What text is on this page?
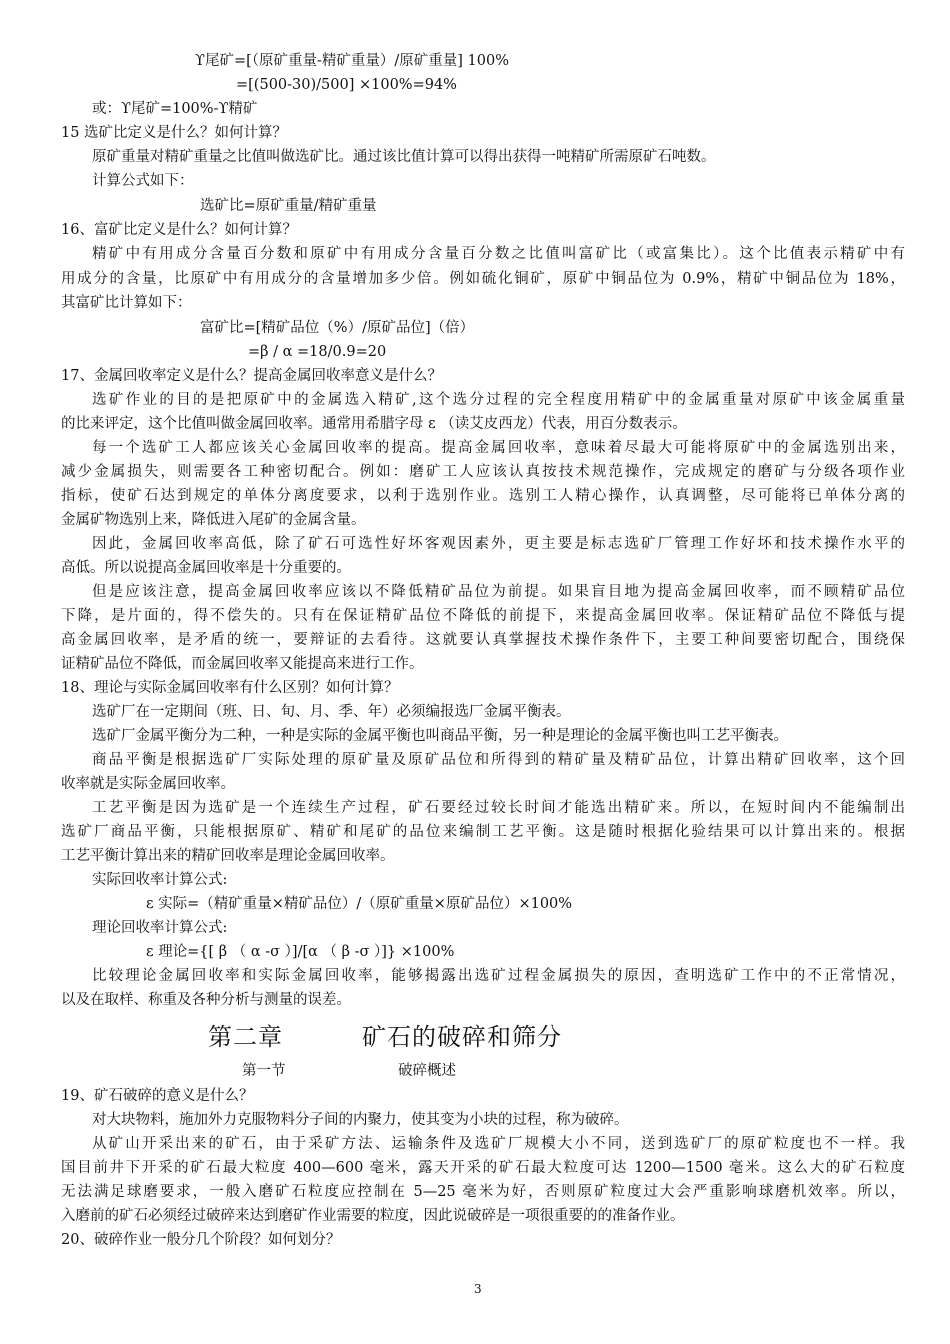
ϒ尾矿=[（原矿重量-精矿重量）/原矿重量] 100%
=[(500-30)/500] ×100%=94%
或：ϒ尾矿=100%-ϒ精矿
15 选矿比定义是什么？如何计算？
原矿重量对精矿重量之比值叫做选矿比。通过该比值计算可以得出获得一吨精矿所需原矿石吨数。
计算公式如下：
选矿比=原矿重量/精矿重量
16、富矿比定义是什么？如何计算？
精矿中有用成分含量百分数和原矿中有用成分含量百分数之比值叫富矿比（或富集比）。这个比值表示精矿中有
用成分的含量，比原矿中有用成分的含量增加多少倍。例如硫化铜矿，原矿中铜品位为 0.9%，精矿中铜品位为 18%，
其富矿比计算如下：
富矿比=[精矿品位（%）/原矿品位]（倍）
=β / α =18/0.9=20
17、金属回收率定义是什么？提高金属回收率意义是什么？
选矿作业的目的是把原矿中的金属选入精矿,这个选分过程的完全程度用精矿中的金属重量对原矿中该金属重量
的比来评定，这个比值叫做金属回收率。通常用希腊字母 ε （读艾皮西龙）代表，用百分数表示。
每一个选矿工人都应该关心金属回收率的提高。提高金属回收率，意味着尽最大可能将原矿中的金属选别出来，
减少金属损失，则需要各工种密切配合。例如：磨矿工人应该认真按技术规范操作，完成规定的磨矿与分级各项作业
指标，使矿石达到规定的单体分离度要求，以利于选别作业。选别工人精心操作，认真调整，尽可能将已单体分离的
金属矿物选别上来，降低进入尾矿的金属含量。
因此，金属回收率高低，除了矿石可选性好坏客观因素外，更主要是标志选矿厂管理工作好坏和技术操作水平的
高低。所以说提高金属回收率是十分重要的。
但是应该注意，提高金属回收率应该以不降低精矿品位为前提。如果盲目地为提高金属回收率，而不顾精矿品位
下降，是片面的，得不偿失的。只有在保证精矿品位不降低的前提下，来提高金属回收率。保证精矿品位不降低与提
高金属回收率，是矛盾的统一，要辩证的去看待。这就要认真掌握技术操作条件下，主要工种间要密切配合，围绕保
证精矿品位不降低，而金属回收率又能提高来进行工作。
18、理论与实际金属回收率有什么区别？如何计算？
选矿厂在一定期间（班、日、旬、月、季、年）必须编报选厂金属平衡表。
选矿厂金属平衡分为二种，一种是实际的金属平衡也叫商品平衡，另一种是理论的金属平衡也叫工艺平衡表。
商品平衡是根据选矿厂实际处理的原矿量及原矿品位和所得到的精矿量及精矿品位，计算出精矿回收率，这个回
收率就是实际金属回收率。
工艺平衡是因为选矿是一个连续生产过程，矿石要经过较长时间才能选出精矿来。所以，在短时间内不能编制出
选矿厂商品平衡，只能根据原矿、精矿和尾矿的品位来编制工艺平衡。这是随时根据化验结果可以计算出来的。根据
工艺平衡计算出来的精矿回收率是理论金属回收率。
实际回收率计算公式:
ε 实际=（精矿重量×精矿品位）/（原矿重量×原矿品位）×100%
理论回收率计算公式:
ε 理论={[ β （ α -σ ）]/[α （ β -σ ）]} ×100%
比较理论金属回收率和实际金属回收率，能够揭露出选矿过程金属损失的原因，查明选矿工作中的不正常情况，
以及在取样、称重及各种分析与测量的误差。
第二章	矿石的破碎和筛分
第一节	破碎概述
19、矿石破碎的意义是什么？
对大块物料，施加外力克服物料分子间的内聚力，使其变为小块的过程，称为破碎。
从矿山开采出来的矿石，由于采矿方法、运输条件及选矿厂规模大小不同，送到选矿厂的原矿粒度也不一样。我
国目前井下开采的矿石最大粒度 400—600 毫米，露天开采的矿石最大粒度可达 1200—1500 毫米。这么大的矿石粒度
无法满足球磨要求，一般入磨矿石粒度应控制在 5—25 毫米为好，否则原矿粒度过大会严重影响球磨机效率。所以，
入磨前的矿石必须经过破碎来达到磨矿作业需要的粒度，因此说破碎是一项很重要的的准备作业。
20、破碎作业一般分几个阶段？如何划分？
3
